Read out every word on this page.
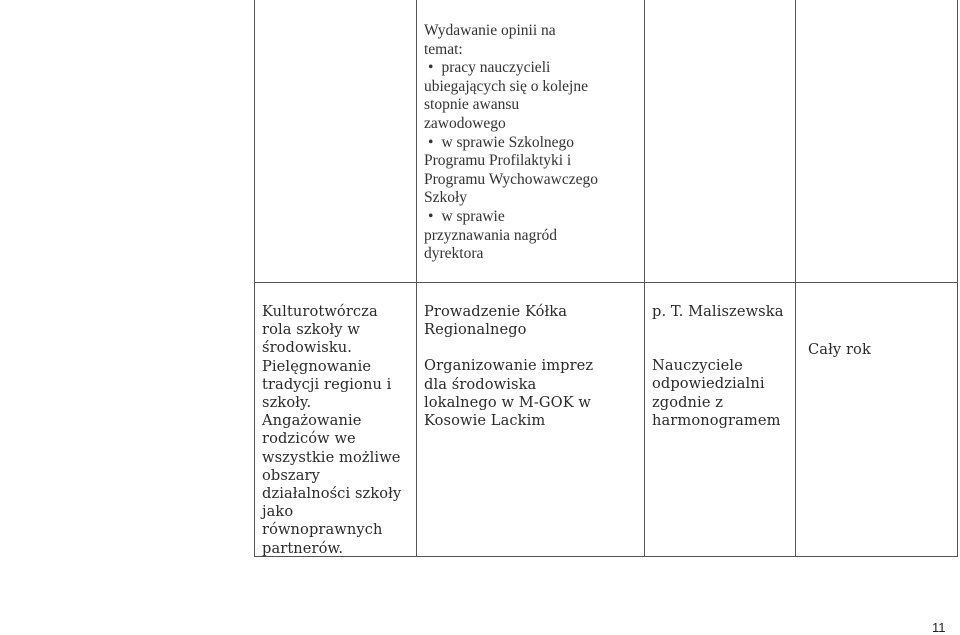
Wydawanie opinii na
temat:
• pracy nauczycieli
ubiegających się o kolejne
stopnie awansu
zawodowego
• w sprawie Szkolnego
Programu Profilaktyki i
Programu Wychowawczego
Szkoły
• w sprawie
przyznawania nagród
dyrektora
Kulturotwórcza
rola szkoły w
środowisku.
Pielęgnowanie
tradycji regionu i
szkoły.
Angażowanie
rodziców we
wszystkie możliwe
obszary
działalności szkoły
jako
równoprawnych
partnerów.
Prowadzenie Kółka
Regionalnego
Organizowanie imprez
dla środowiska
lokalnego w M-GOK w
Kosowie Lackim
p. T. Maliszewska
Nauczyciele
odpowiedzialni
zgodnie z
harmonogramem
Cały rok
11
